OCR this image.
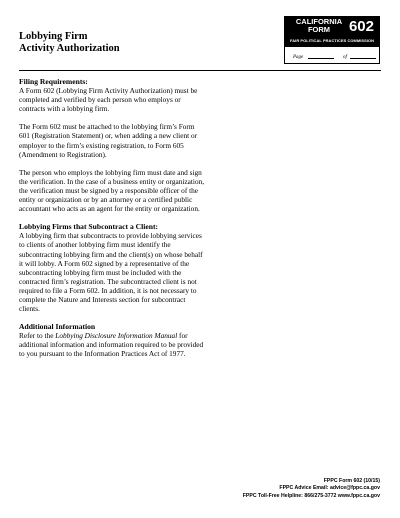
Lobbying Firm
Activity Authorization
CALIFORNIA
FORM	602
FAIR POLITICAL PRACTICES COMMISSION
Page	of
Filing Requirements:

A Form 602 (Lobbying Firm Activity Authorization) must be completed and verified by each person who employs or contracts with a lobbying firm.

The Form 602 must be attached to the lobbying firm’s Form 601 (Registration Statement) or, when adding a new client or employer to the firm’s existing registration, to Form 605 (Amendment to Registration).

The person who employs the lobbying firm must date and sign the verification. In the case of a business entity or organization, the verification must be signed by a responsible officer of the entity or organization or by an attorney or a certified public accountant who acts as an agent for the entity or organization.

Lobbying Firms that Subcontract a Client:

A lobbying firm that subcontracts to provide lobbying services to clients of another lobbying firm must identify the subcontracting lobbying firm and the client(s) on whose behalf it will lobby. A Form 602 signed by a representative of the subcontracting lobbying firm must be included with the contracted firm’s registration. The subcontracted client is not required to file a Form 602. In addition, it is not necessary to complete the Nature and Interests section for subcontract clients.

Additional Information

Refer to the Lobbying Disclosure Information Manual for additional information and information required to be provided to you pursuant to the Information Practices Act of 1977.

FPPC Form 602 (10/15)
FPPC Advice Email: advice@fppc.ca.gov
FPPC Toll-Free Helpline: 866/275-3772 www.fppc.ca.gov
